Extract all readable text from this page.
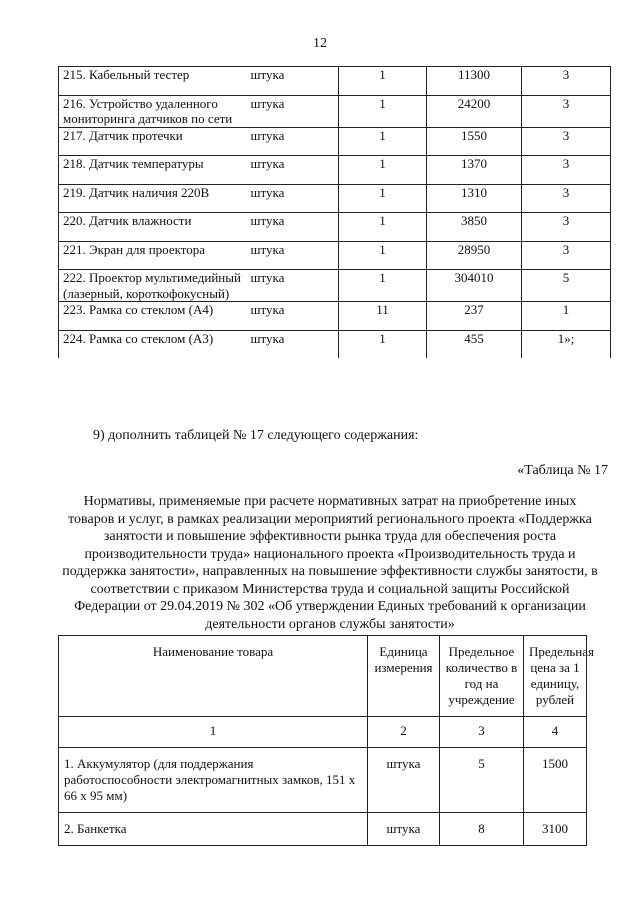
12
215. Кабельный тестер	штука	1	11300	3
216. Устройство удаленного мониторинга датчиков по сети	штука	1	24200	3
217. Датчик протечки	штука	1	1550	3
218. Датчик температуры	штука	1	1370	3
219. Датчик наличия 220В	штука	1	1310	3
220. Датчик влажности	штука	1	3850	3
221. Экран для проектора	штука	1	28950	3
222. Проектор мультимедийный (лазерный, короткофокусный)	штука	1	304010	5
223. Рамка со стеклом (А4)	штука	11	237	1
224. Рамка со стеклом (А3)	штука	1	455	1»;
9) дополнить таблицей № 17 следующего содержания:
«Таблица № 17
Нормативы, применяемые при расчете нормативных затрат на приобретение иных товаров и услуг, в рамках реализации мероприятий регионального проекта «Поддержка занятости и повышение эффективности рынка труда для обеспечения роста производительности труда» национального проекта «Производительность труда и поддержка занятости», направленных на повышение эффективности службы занятости, в соответствии с приказом Министерства труда и социальной защиты Российской Федерации от 29.04.2019 № 302 «Об утверждении Единых требований к организации деятельности органов службы занятости»
Наименование товара	Единица измерения	Предельное количество в год на учреждение	Предельная цена за 1 единицу, рублей
1	2	3	4
1. Аккумулятор (для поддержания работоспособности электромагнитных замков, 151 х 66 х 95 мм)	штука	5	1500
2. Банкетка	штука	8	3100
